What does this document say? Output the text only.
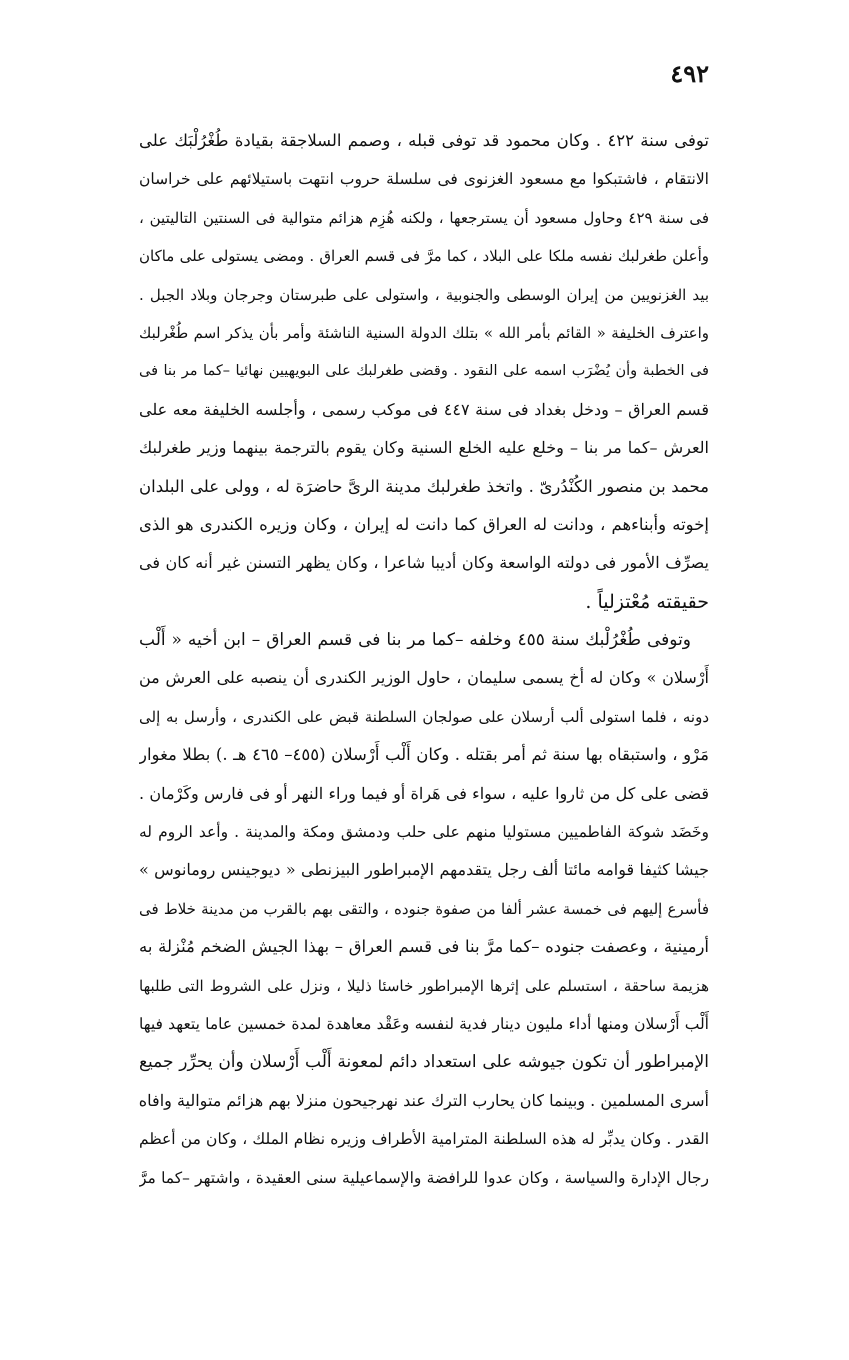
٤٩٢
توفى سنة ٤٢٢ . وكان محمود قد توفى قبله ، وصمم السلاجقة بقيادة طُغْرُلْبَك على
الانتقام ، فاشتبكوا مع مسعود الغزنوى فى سلسلة حروب انتهت باستيلائهم على خراسان
فى سنة ٤٢٩ وحاول مسعود أن يسترجعها ، ولكنه هُزِم هزائم متوالية فى السنتين التاليتين ،
وأعلن طغرلبك نفسه ملكا على البلاد ، كما مرَّ فى قسم العراق . ومضى يستولى على ماكان
بيد الغزنويين من إيران الوسطى والجنوبية ، واستولى على طبرستان وجرجان وبلاد الجبل .
واعترف الخليفة « القائم بأمر الله » بتلك الدولة السنية الناشئة وأمر بأن يذكر اسم طُغْرلبك
فى الخطبة وأن يُضْرَب اسمه على النقود . وقضى طغرلبك على البويهيين نهائيا –كما مر بنا فى
قسم العراق – ودخل بغداد فى سنة ٤٤٧ فى موكب رسمى ، وأجلسه الخليفة معه على
العرش –كما مر بنا – وخلع عليه الخلع السنية وكان يقوم بالترجمة بينهما وزير طغرلبك
محمد بن منصور الكُنْدُرىّ . واتخذ طغرلبك مدينة الرىَّ حاضرَة له ، وولى على البلدان
إخوته وأبناءهم ، ودانت له العراق كما دانت له إيران ، وكان وزيره الكندرى هو الذى
يصرِّف الأمور فى دولته الواسعة وكان أديبا شاعرا ، وكان يظهر التسنن غير أنه كان فى
حقيقته مُعْتزلياً .
وتوفى طُغْرُلْبك سنة ٤٥٥ وخلفه –كما مر بنا فى قسم العراق – ابن أخيه « أَلْب
أَرْسلان » وكان له أخ يسمى سليمان ، حاول الوزير الكندرى أن ينصبه على العرش من
دونه ، فلما استولى ألب أرسلان على صولجان السلطنة قبض على الكندرى ، وأرسل به إلى
مَرْو ، واستبقاه بها سنة ثم أمر بقتله . وكان أَلْب أَرْسلان (٤٥٥– ٤٦٥ هـ .) بطلا مغوار
قضى على كل من ثاروا عليه ، سواء فى هَراة أو فيما وراء النهر أو فى فارس وكَرْمان .
وخَضَد شوكة الفاطميين مستوليا منهم على حلب ودمشق ومكة والمدينة . وأعد الروم له
جيشا كثيفا قوامه مائتا ألف رجل يتقدمهم الإمبراطور البيزنطى « ديوجينس رومانوس »
فأسرع إليهم فى خمسة عشر ألفا من صفوة جنوده ، والتقى بهم بالقرب من مدينة خلاط فى
أرمينية ، وعصفت جنوده –كما مرَّ بنا فى قسم العراق – بهذا الجيش الضخم مُنْزلة به
هزيمة ساحقة ، استسلم على إثرها الإمبراطور خاسئا ذليلا ، ونزل على الشروط التى طلبها
أَلْب أَرْسلان ومنها أداء مليون دينار فدية لنفسه وعَقْد معاهدة لمدة خمسين عاما يتعهد فيها
الإمبراطور أن تكون جيوشه على استعداد دائم لمعونة أَلْب أَرْسلان وأن يحرِّر جميع
أسرى المسلمين . وبينما كان يحارب الترك عند نهرجيحون منزلا بهم هزائم متوالية وافاه
القدر . وكان يدبِّر له هذه السلطنة المترامية الأطراف وزيره نظام الملك ، وكان من أعظم
رجال الإدارة والسياسة ، وكان عدوا للرافضة والإسماعيلية سنى العقيدة ، واشتهر –كما مرَّ
